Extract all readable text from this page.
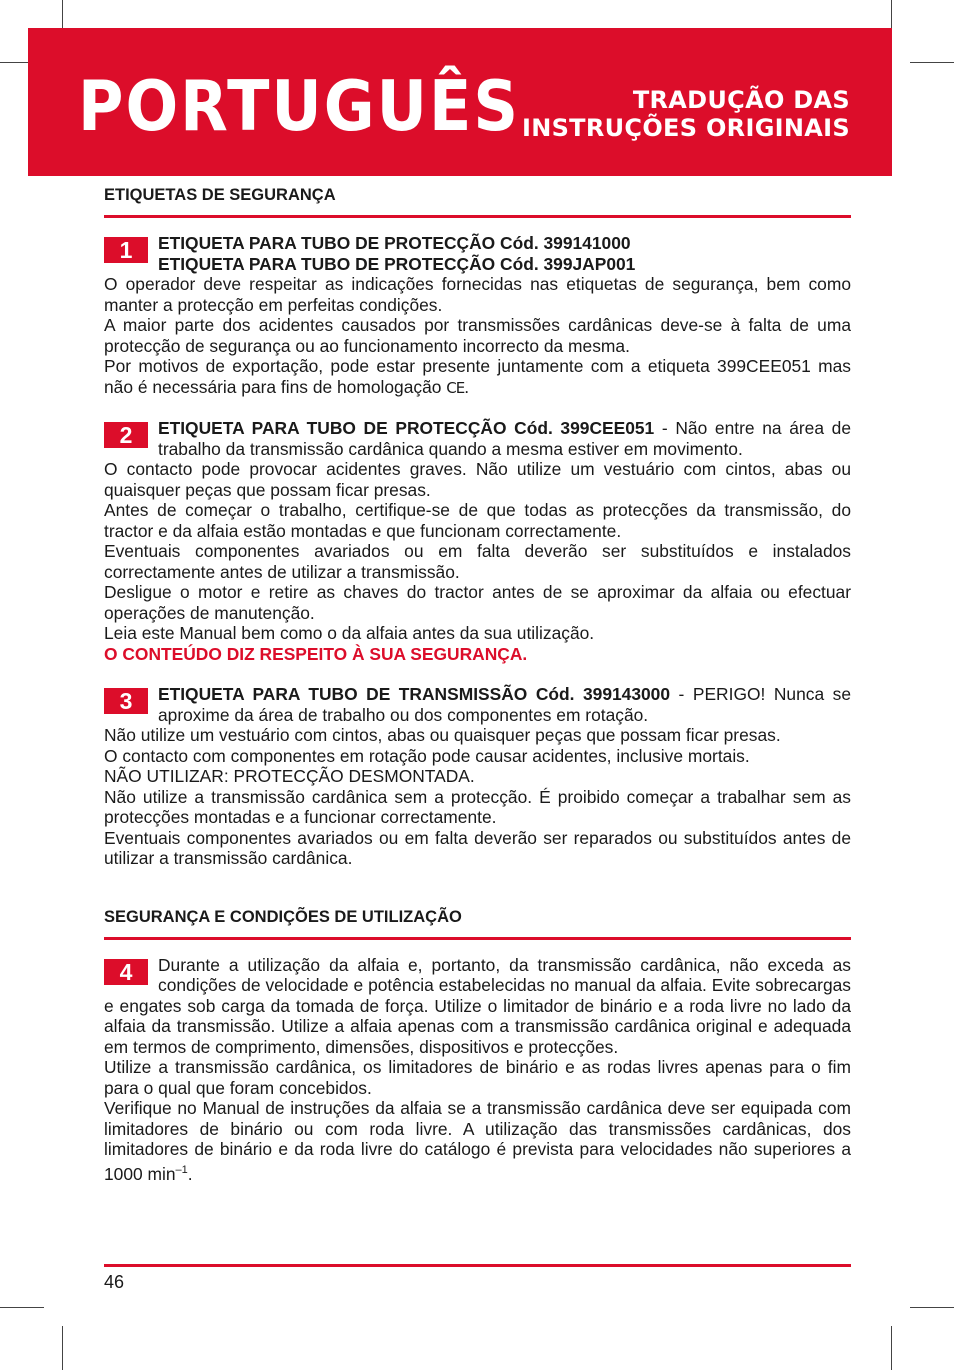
PORTUGUÊS	TRADUÇÃO DAS
INSTRUÇÕES ORIGINAIS
ETIQUETAS DE SEGURANÇA
1	ETIQUETA PARA TUBO DE PROTECÇÃO Cód. 399141000
ETIQUETA PARA TUBO DE PROTECÇÃO Cód. 399JAP001

O operador deve respeitar as indicações fornecidas nas etiquetas de segurança, bem como manter a protecção em perfeitas condições.

A maior parte dos acidentes causados por transmissões cardânicas deve-se à falta de uma protecção de segurança ou ao funcionamento incorrecto da mesma.

Por motivos de exportação, pode estar presente juntamente com a etiqueta 399CEE051 mas não é necessária para fins de homologação CE.

2	ETIQUETA PARA TUBO DE PROTECÇÃO Cód. 399CEE051 - Não entre na área de trabalho da transmissão cardânica quando a mesma estiver em movimento.

O contacto pode provocar acidentes graves. Não utilize um vestuário com cintos, abas ou quaisquer peças que possam ficar presas.

Antes de começar o trabalho, certifique-se de que todas as protecções da transmissão, do tractor e da alfaia estão montadas e que funcionam correctamente.

Eventuais componentes avariados ou em falta deverão ser substituídos e instalados correctamente antes de utilizar a transmissão.

Desligue o motor e retire as chaves do tractor antes de se aproximar da alfaia ou efectuar operações de manutenção.

Leia este Manual bem como o da alfaia antes da sua utilização.

O CONTEÚDO DIZ RESPEITO À SUA SEGURANÇA.

3	ETIQUETA PARA TUBO DE TRANSMISSÃO Cód. 399143000 - PERIGO! Nunca se aproxime da área de trabalho ou dos componentes em rotação.

Não utilize um vestuário com cintos, abas ou quaisquer peças que possam ficar presas.

O contacto com componentes em rotação pode causar acidentes, inclusive mortais.

NÃO UTILIZAR: PROTECÇÃO DESMONTADA.

Não utilize a transmissão cardânica sem a protecção. É proibido começar a trabalhar sem as protecções montadas e a funcionar correctamente.

Eventuais componentes avariados ou em falta deverão ser reparados ou substituídos antes de utilizar a transmissão cardânica.

SEGURANÇA E CONDIÇÕES DE UTILIZAÇÃO
4	Durante a utilização da alfaia e, portanto, da transmissão cardânica, não exceda as condições de velocidade e potência estabelecidas no manual da alfaia. Evite sobrecargas e engates sob carga da tomada de força. Utilize o limitador de binário e a roda livre no lado da alfaia da transmissão. Utilize a alfaia apenas com a transmissão cardânica original e adequada em termos de comprimento, dimensões, dispositivos e protecções.

Utilize a transmissão cardânica, os limitadores de binário e as rodas livres apenas para o fim para o qual que foram concebidos.

Verifique no Manual de instruções da alfaia se a transmissão cardânica deve ser equipada com limitadores de binário ou com roda livre. A utilização das transmissões cardânicas, dos limitadores de binário e da roda livre do catálogo é prevista para velocidades não superiores a 1000 $\min^{-1}$.

46
